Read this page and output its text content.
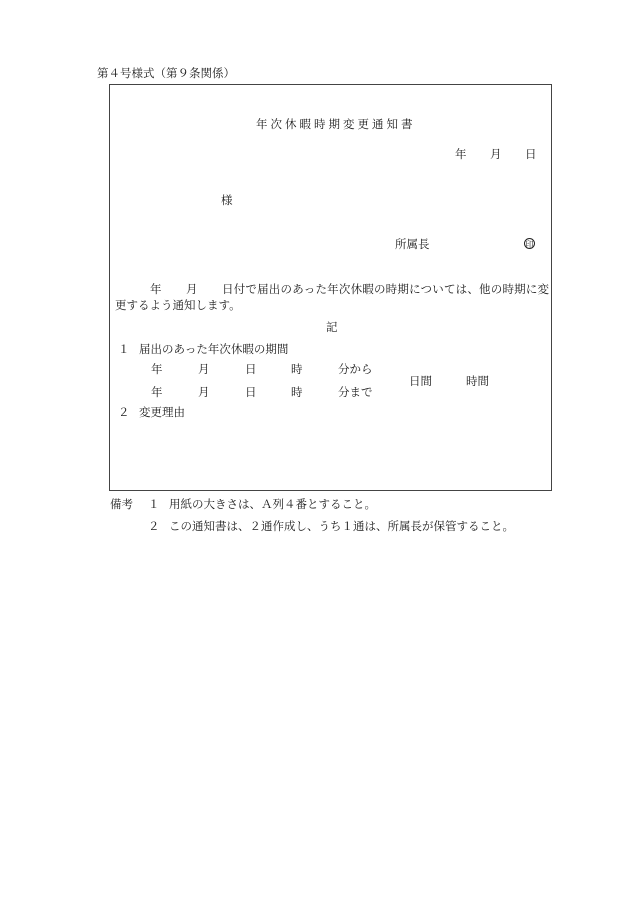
第４号様式（第９条関係）
年次休暇時期変更通知書
年 月 日
様
所属長	印
年 月 日付で届出のあった年次休暇の時期については、他の時期に変
更するよう通知します。
記
１ 届出のあった年次休暇の期間
年	月	日	時	分から
日間	時間
年	月	日	時	分まで
２ 変更理由
備考 １ 用紙の大きさは、Ａ列４番とすること。
２ この通知書は、２通作成し、うち１通は、所属長が保管すること。
